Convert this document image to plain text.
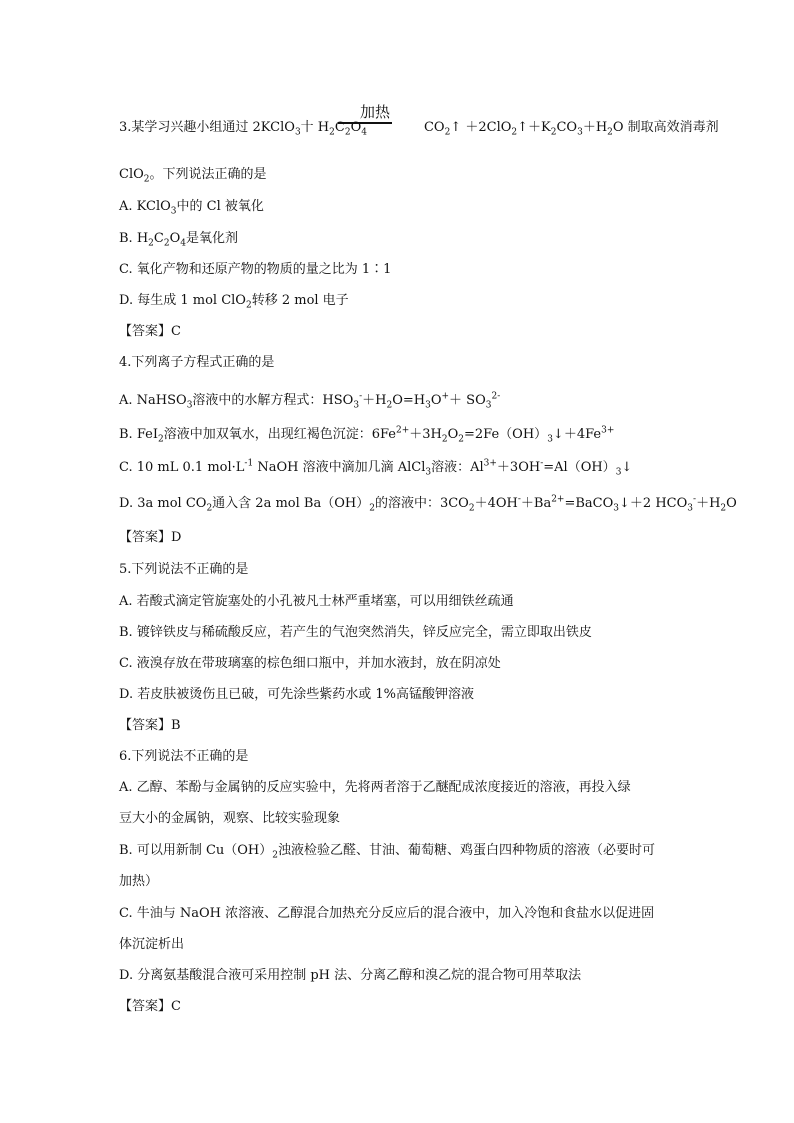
加热
3.某学习兴趣小组通过 2KClO$_3$十 $H_2C_2O_4$	$CO_2↑$ $+2ClO_2↑+K_2CO_3+H_2O$ 制取高效消毒剂
ClO$_2$。下列说法正确的是
A. KClO$_3$中的 Cl 被氧化
B. $H_2C_2O_4$是氧化剂
C. 氧化产物和还原产物的物质的量之比为 1∶1
D. 每生成 1 mol ClO$_2$转移 2 mol 电子
【答案】C
4.下列离子方程式正确的是
A. NaHSO$_3$溶液中的水解方程式：$HSO_3^-+H_2O=H_3O^++ SO_3^{2-}$
B. FeI$_2$溶液中加双氧水，出现红褐色沉淀：$6Fe^{2+}+3H_2O_2=2Fe(OH)_3↓+4Fe^{3+}$
C. 10 mL 0.1 $mol\cdot L^{-1}$ NaOH 溶液中滴加几滴 AlCl$_3$溶液：$Al^{3+}+3OH^-=Al(OH)_3↓$
D. 3a mol $CO_2$通入含 2a mol $Ba(OH)_2$的溶液中：$3CO_2+4OH^-+Ba^{2+}=BaCO_3↓+2$ $HCO_3^-+H_2O$
【答案】D
5.下列说法不正确的是
A. 若酸式滴定管旋塞处的小孔被凡士林严重堵塞，可以用细铁丝疏通
B. 镀锌铁皮与稀硫酸反应，若产生的气泡突然消失，锌反应完全，需立即取出铁皮
C. 液溴存放在带玻璃塞的棕色细口瓶中，并加水液封，放在阴凉处
D. 若皮肤被烫伤且已破，可先涂些紫药水或 1%高锰酸钾溶液
【答案】B
6.下列说法不正确的是
A. 乙醇、苯酚与金属钠的反应实验中，先将两者溶于乙醚配成浓度接近的溶液，再投入绿
豆大小的金属钠，观察、比较实验现象
B. 可以用新制 $Cu(OH)_2$浊液检验乙醛、甘油、葡萄糖、鸡蛋白四种物质的溶液（必要时可
加热）
C. 牛油与 NaOH 浓溶液、乙醇混合加热充分反应后的混合液中，加入冷饱和食盐水以促进固
体沉淀析出
D. 分离氨基酸混合液可采用控制 pH 法、分离乙醇和溴乙烷的混合物可用萃取法
【答案】C
